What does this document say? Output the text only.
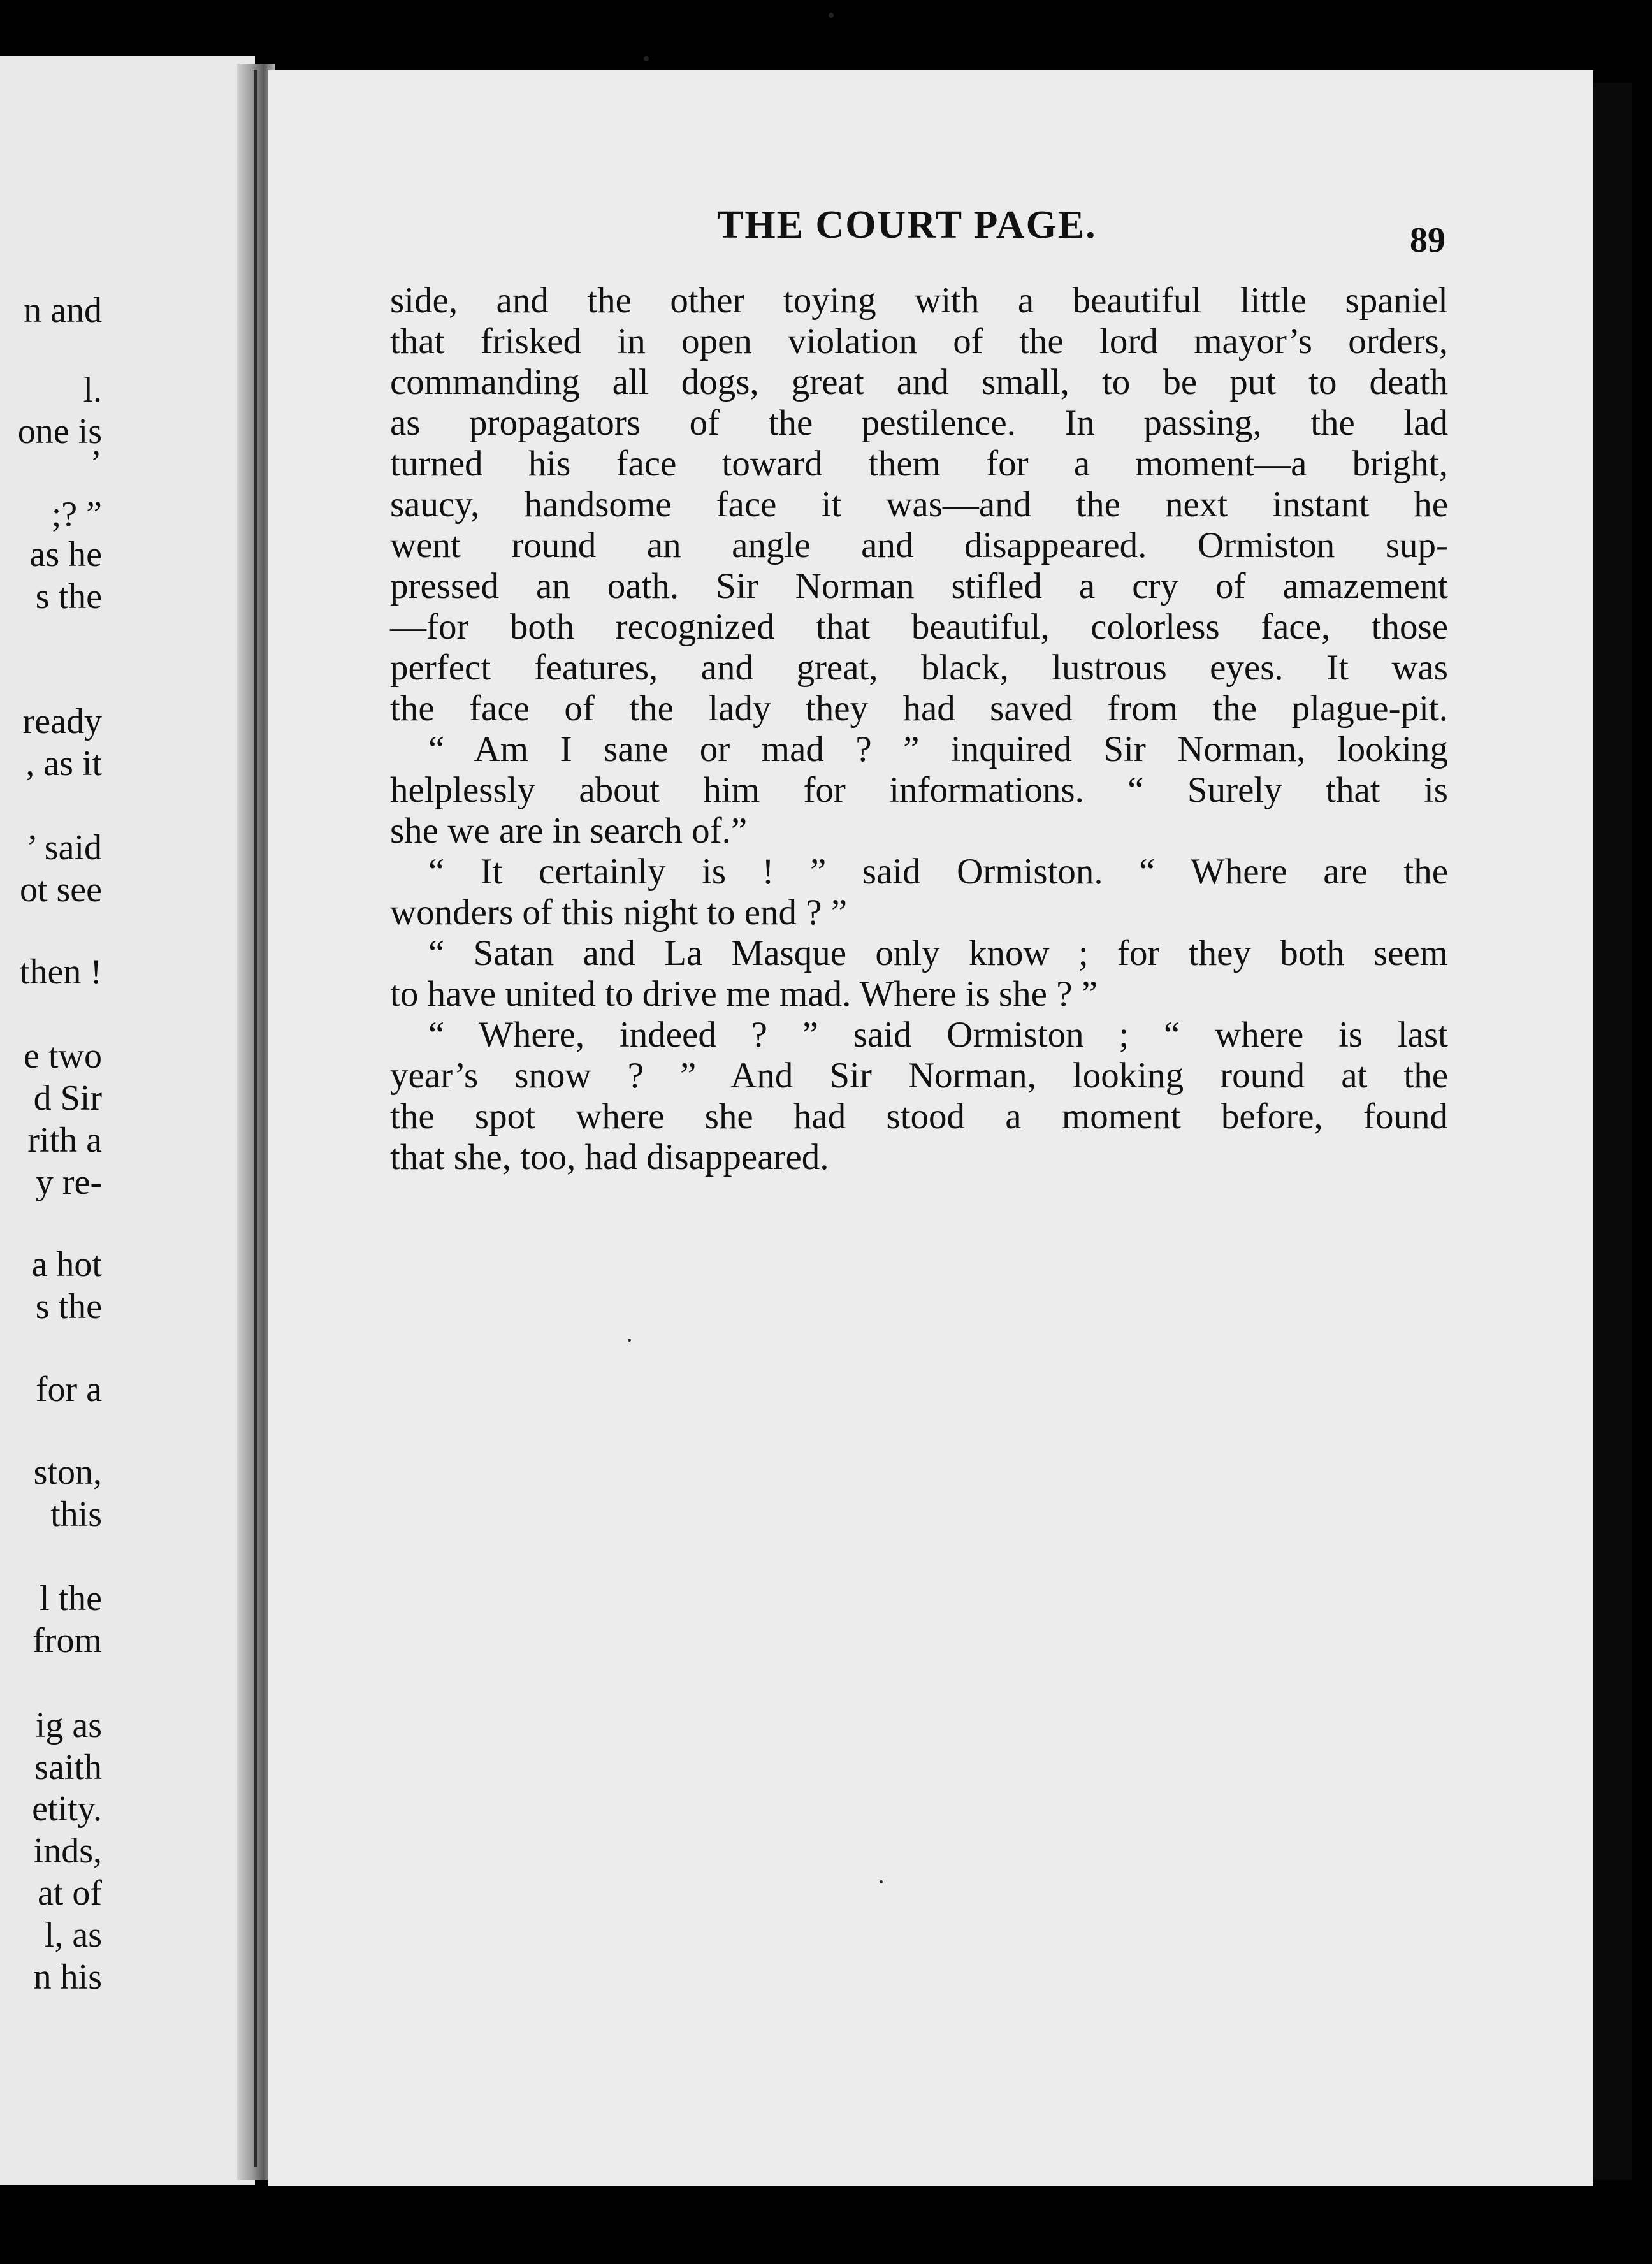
n and
l.
one is
’
;? ”
as he
s the
ready
, as it
’ said
ot see
then !
e two
d Sir
rith a
y re-
a hot
s the
for a
ston,
this
l the
from
ig as
saith
etity.
inds,
at of
l, as
n his
THE COURT PAGE.	89
side, and the other toying with a beautiful little spaniel
that frisked in open violation of the lord mayor’s orders,
commanding all dogs, great and small, to be put to death
as propagators of the pestilence. In passing, the lad
turned his face toward them for a moment—a bright,
saucy, handsome face it was—and the next instant he
went round an angle and disappeared. Ormiston sup-
pressed an oath. Sir Norman stifled a cry of amazement
—for both recognized that beautiful, colorless face, those
perfect features, and great, black, lustrous eyes. It was
the face of the lady they had saved from the plague-pit.
“ Am I sane or mad ? ” inquired Sir Norman, looking
helplessly about him for informations. “ Surely that is
she we are in search of.”
“ It certainly is ! ” said Ormiston. “ Where are the
wonders of this night to end ? ”
“ Satan and La Masque only know ; for they both seem
to have united to drive me mad. Where is she ? ”
“ Where, indeed ? ” said Ormiston ; “ where is last
year’s snow ? ” And Sir Norman, looking round at the
the spot where she had stood a moment before, found
that she, too, had disappeared.
